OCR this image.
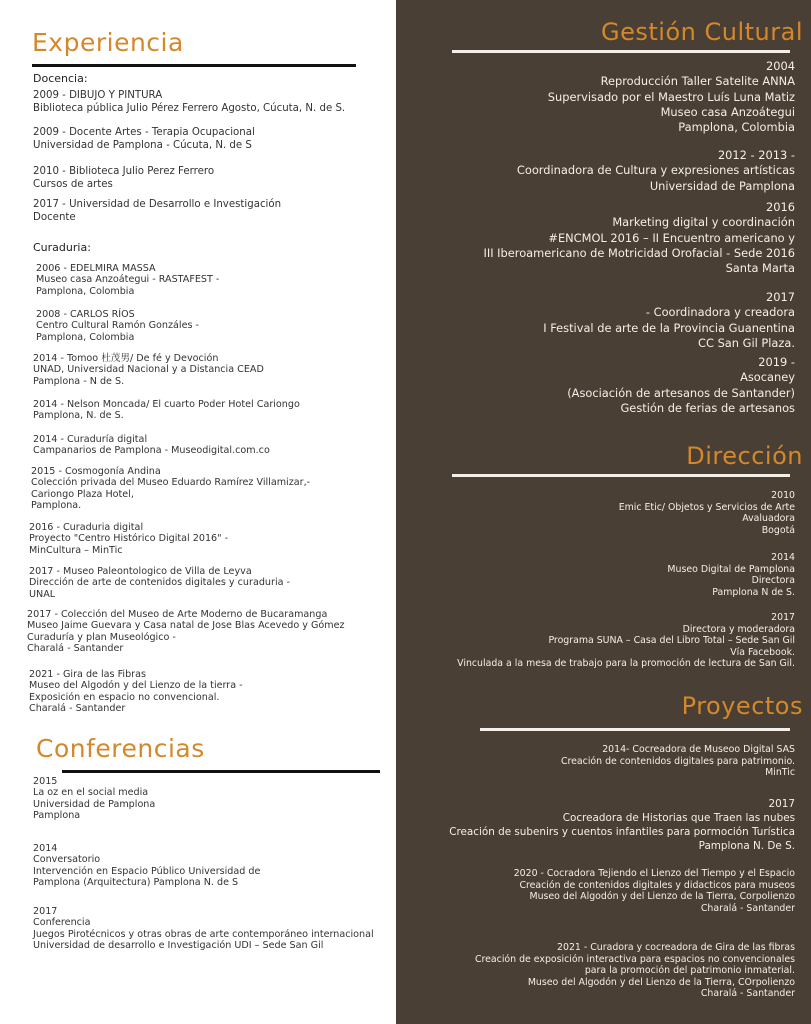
Experiencia
Docencia:
2009 - DIBUJO Y PINTURA
Biblioteca pública Julio Pérez Ferrero Agosto, Cúcuta, N. de S.
2009 - Docente Artes - Terapia Ocupacional
Universidad de Pamplona - Cúcuta, N. de S
2010 - Biblioteca Julio Perez Ferrero
Cursos de artes
2017 - Universidad de Desarrollo e Investigación
Docente
Curaduria:
2006 - EDELMIRA MASSA
Museo casa Anzoátegui - RASTAFEST -
Pamplona, Colombia
2008 - CARLOS RÍOS
Centro Cultural Ramón Gonzáles -
Pamplona, Colombia
2014 - Tomoo 杜茂男/ De fé y Devoción
UNAD, Universidad Nacional y a Distancia CEAD
Pamplona - N de S.
2014 - Nelson Moncada/ El cuarto Poder Hotel Cariongo
Pamplona, N. de S.
2014 - Curaduría digital
Campanarios de Pamplona - Museodigital.com.co
2015 - Cosmogonía Andina
Colección privada del Museo Eduardo Ramírez Villamizar,-
Cariongo Plaza Hotel,
Pamplona.
2016 - Curaduria digital
Proyecto "Centro Histórico Digital 2016" -
MinCultura – MinTic
2017 - Museo Paleontologico de Villa de Leyva
Dirección de arte de contenidos digitales y curaduria -
UNAL
2017 - Colección del Museo de Arte Moderno de Bucaramanga
Museo Jaime Guevara y Casa natal de Jose Blas Acevedo y Gómez
Curaduría y plan Museológico -
Charalá - Santander
2021 - Gira de las Fibras
Museo del Algodón y del Lienzo de la tierra -
Exposición en espacio no convencional.
Charalá - Santander
Conferencias
2015
La oz en el social media
Universidad de Pamplona
Pamplona
2014
Conversatorio
Intervención en Espacio Público Universidad de
Pamplona (Arquitectura) Pamplona N. de S
2017
Conferencia
Juegos Pirotécnicos y otras obras de arte contemporáneo internacional
Universidad de desarrollo e Investigación UDI – Sede San Gil
Gestión Cultural
2004
Reproducción Taller Satelite ANNA
Supervisado por el Maestro Luís Luna Matiz
Museo casa Anzoátegui
Pamplona, Colombia
2012 - 2013 -
Coordinadora de Cultura y expresiones artísticas
Universidad de Pamplona
2016
Marketing digital y coordinación
#ENCMOL 2016 – II Encuentro americano y
III Iberoamericano de Motricidad Orofacial - Sede 2016
Santa Marta
2017
- Coordinadora y creadora
I Festival de arte de la Provincia Guanentina
CC San Gil Plaza.
2019 -
Asocaney
(Asociación de artesanos de Santander)
Gestión de ferias de artesanos
Dirección
2010
Emic Etic/ Objetos y Servicios de Arte
Avaluadora
Bogotá
2014
Museo Digital de Pamplona
Directora
Pamplona N de S.
2017
Directora y moderadora
Programa SUNA – Casa del Libro Total – Sede San Gil
Vía Facebook.
Vinculada a la mesa de trabajo para la promoción de lectura de San Gil.
Proyectos
2014- Cocreadora de Museoo Digital SAS
Creación de contenidos digitales para patrimonio.
MinTic
2017
Cocreadora de Historias que Traen las nubes
Creación de subenirs y cuentos infantiles para pormoción Turística
Pamplona N. De S.
2020 - Cocradora Tejiendo el Lienzo del Tiempo y el Espacio
Creación de contenidos digitales y didacticos para museos
Museo del Algodón y del Lienzo de la Tierra, Corpolienzo
Charalá - Santander
2021 - Curadora y cocreadora de Gira de las fibras
Creación de exposición interactiva para espacios no convencionales
para la promoción del patrimonio inmaterial.
Museo del Algodón y del Lienzo de la Tierra, COrpolienzo
Charalá - Santander
